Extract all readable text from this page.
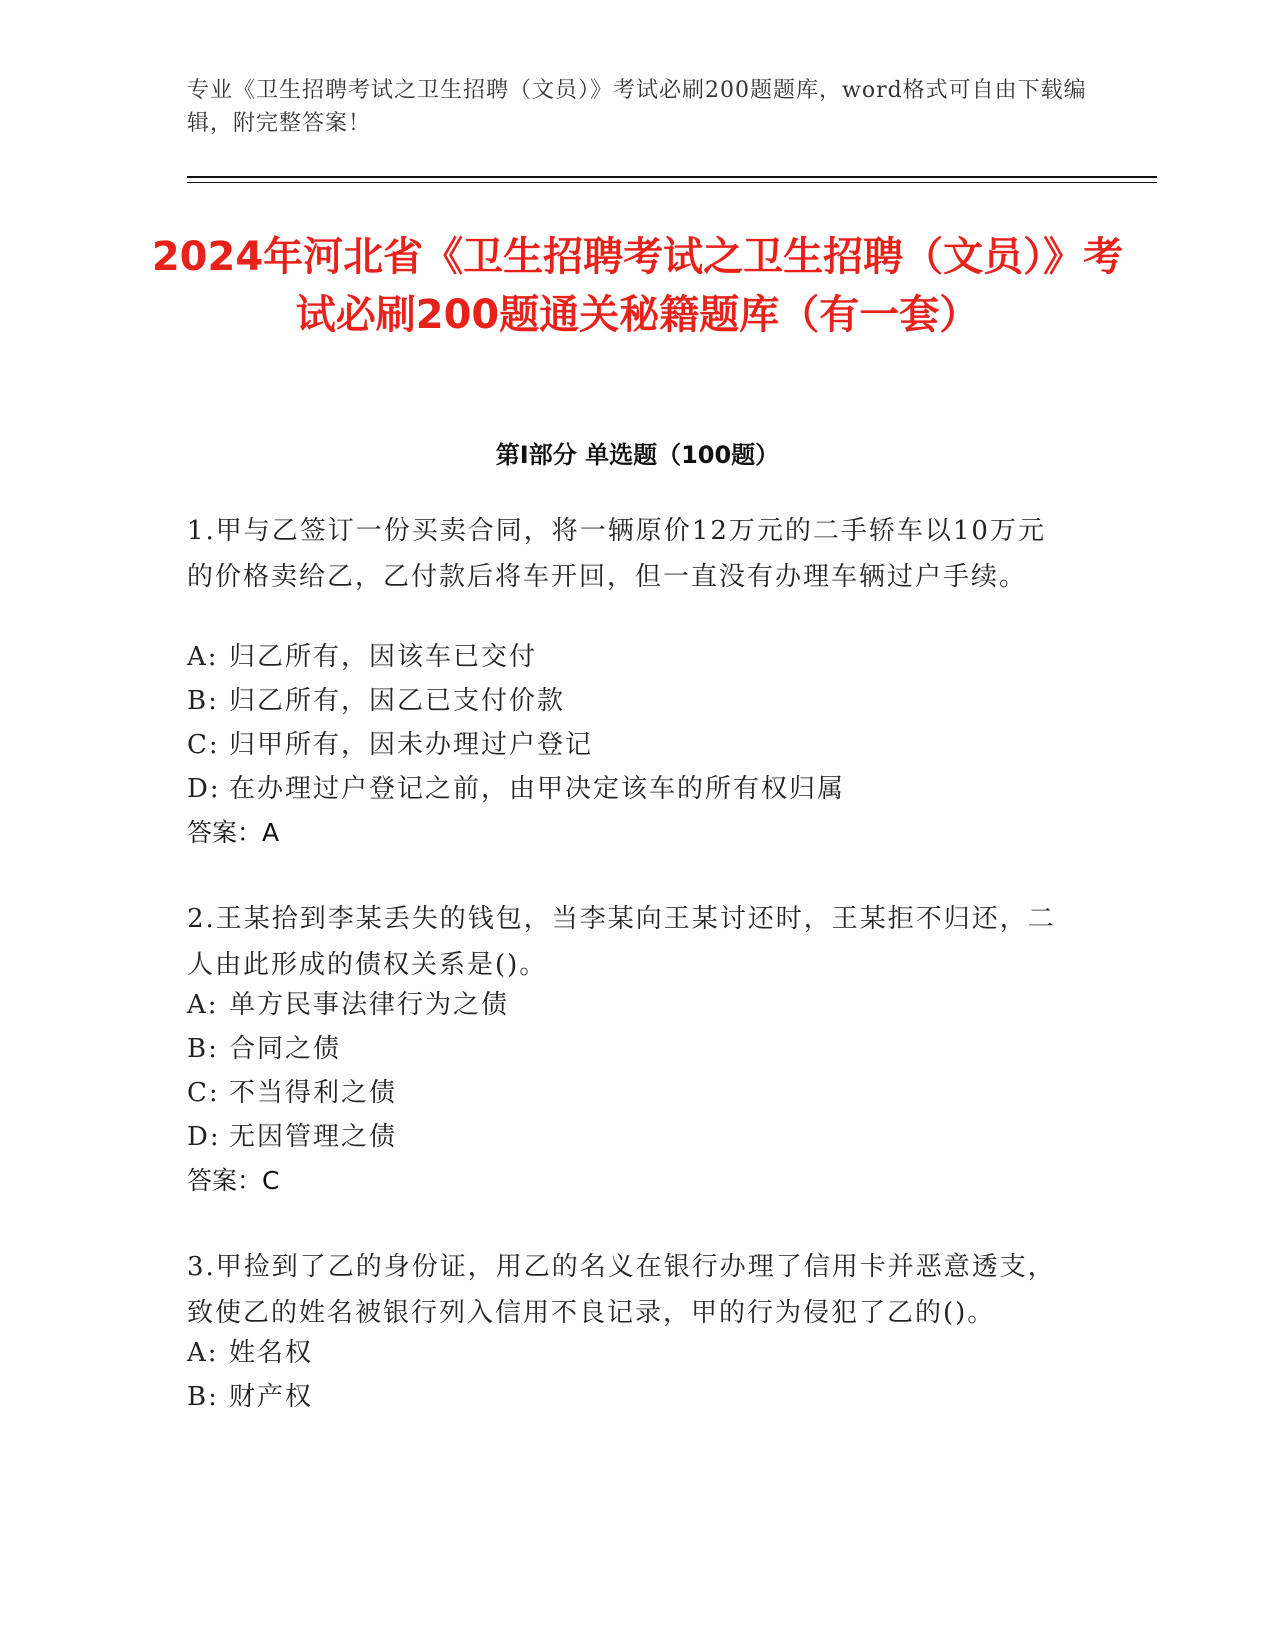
专业《卫生招聘考试之卫生招聘（文员）》考试必刷200题题库，word格式可自由下载编辑，附完整答案！
2024年河北省《卫生招聘考试之卫生招聘（文员）》考试必刷200题通关秘籍题库（有一套）
第Ⅰ部分 单选题（100题）
1.甲与乙签订一份买卖合同，将一辆原价12万元的二手轿车以10万元的价格卖给乙，乙付款后将车开回，但一直没有办理车辆过户手续。
A: 归乙所有，因该车已交付
B: 归乙所有，因乙已支付价款
C: 归甲所有，因未办理过户登记
D: 在办理过户登记之前，由甲决定该车的所有权归属
答案：A
2.王某拾到李某丢失的钱包，当李某向王某讨还时，王某拒不归还，二人由此形成的债权关系是()。
A: 单方民事法律行为之债
B: 合同之债
C: 不当得利之债
D: 无因管理之债
答案：C
3.甲捡到了乙的身份证，用乙的名义在银行办理了信用卡并恶意透支，致使乙的姓名被银行列入信用不良记录，甲的行为侵犯了乙的()。
A: 姓名权
B: 财产权
